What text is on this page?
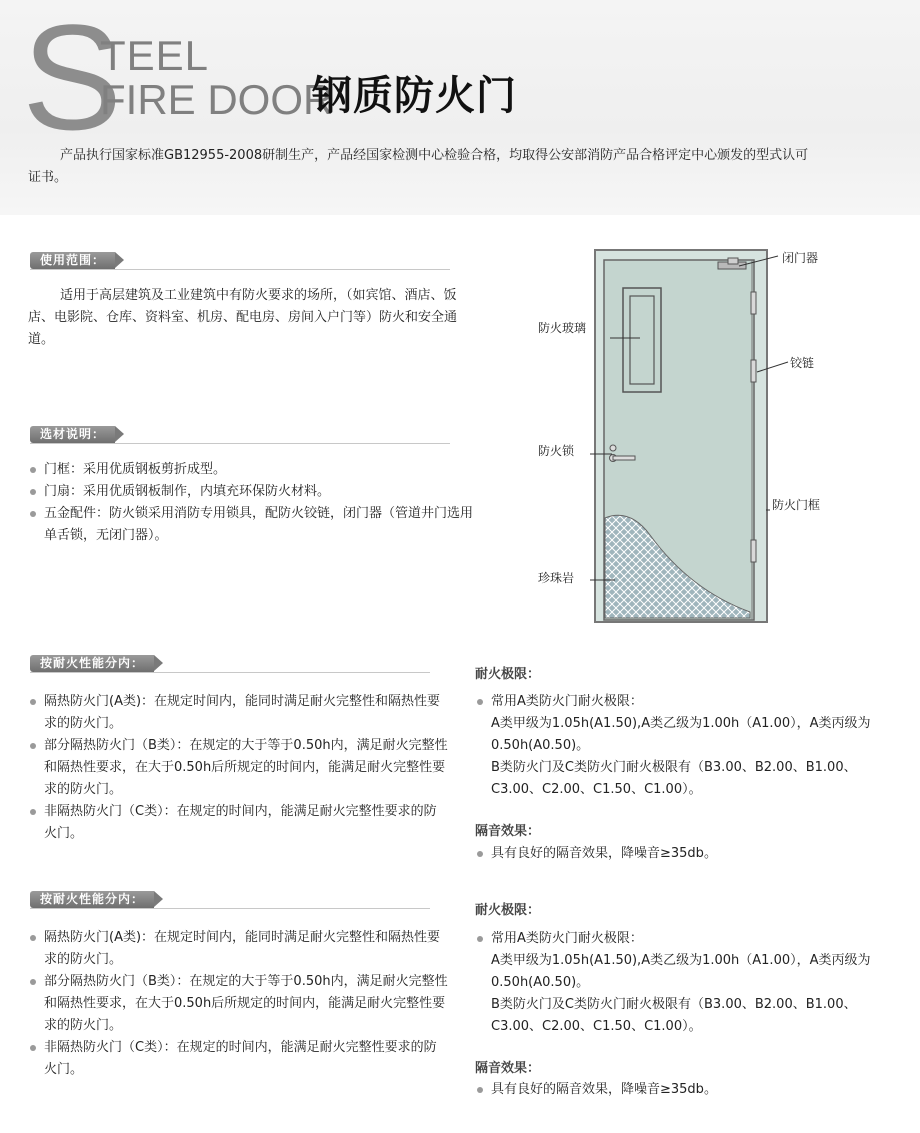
S
TEEL
FIRE DOOR
钢质防火门

产品执行国家标准GB12955-2008研制生产，产品经国家检测中心检验合格，均取得公安部消防产品合格评定中心颁发的型式认可证书。

使用范围：

适用于高层建筑及工业建筑中有防火要求的场所，（如宾馆、酒店、饭店、电影院、仓库、资料室、机房、配电房、房间入户门等）防火和安全通道。

选材说明：
门框：采用优质钢板剪折成型。
门扇：采用优质钢板制作，内填充环保防火材料。
五金配件：防火锁采用消防专用锁具，配防火铰链，闭门器（管道井门选用单舌锁，无闭门器）。
闭门器
防火玻璃
铰链
防火锁
防火门框
珍珠岩
按耐火性能分内：
隔热防火门(A类)：在规定时间内，能同时满足耐火完整性和隔热性要求的防火门。
部分隔热防火门（B类）：在规定的大于等于0.50h内，满足耐火完整性和隔热性要求，在大于0.50h后所规定的时间内，能满足耐火完整性要求的防火门。
非隔热防火门（C类）：在规定的时间内，能满足耐火完整性要求的防火门。
耐火极限：
常用A类防火门耐火极限：
A类甲级为1.05h(A1.50),A类乙级为1.00h（A1.00），A类丙级为0.50h(A0.50)。
B类防火门及C类防火门耐火极限有（B3.00、B2.00、B1.00、C3.00、C2.00、C1.50、C1.00）。
隔音效果：
具有良好的隔音效果，降噪音≥35db。
按耐火性能分内：
隔热防火门(A类)：在规定时间内，能同时满足耐火完整性和隔热性要求的防火门。
部分隔热防火门（B类）：在规定的大于等于0.50h内，满足耐火完整性和隔热性要求，在大于0.50h后所规定的时间内，能满足耐火完整性要求的防火门。
非隔热防火门（C类）：在规定的时间内，能满足耐火完整性要求的防火门。
耐火极限：
常用A类防火门耐火极限：
A类甲级为1.05h(A1.50),A类乙级为1.00h（A1.00），A类丙级为0.50h(A0.50)。
B类防火门及C类防火门耐火极限有（B3.00、B2.00、B1.00、C3.00、C2.00、C1.50、C1.00）。
隔音效果：
具有良好的隔音效果，降噪音≥35db。
